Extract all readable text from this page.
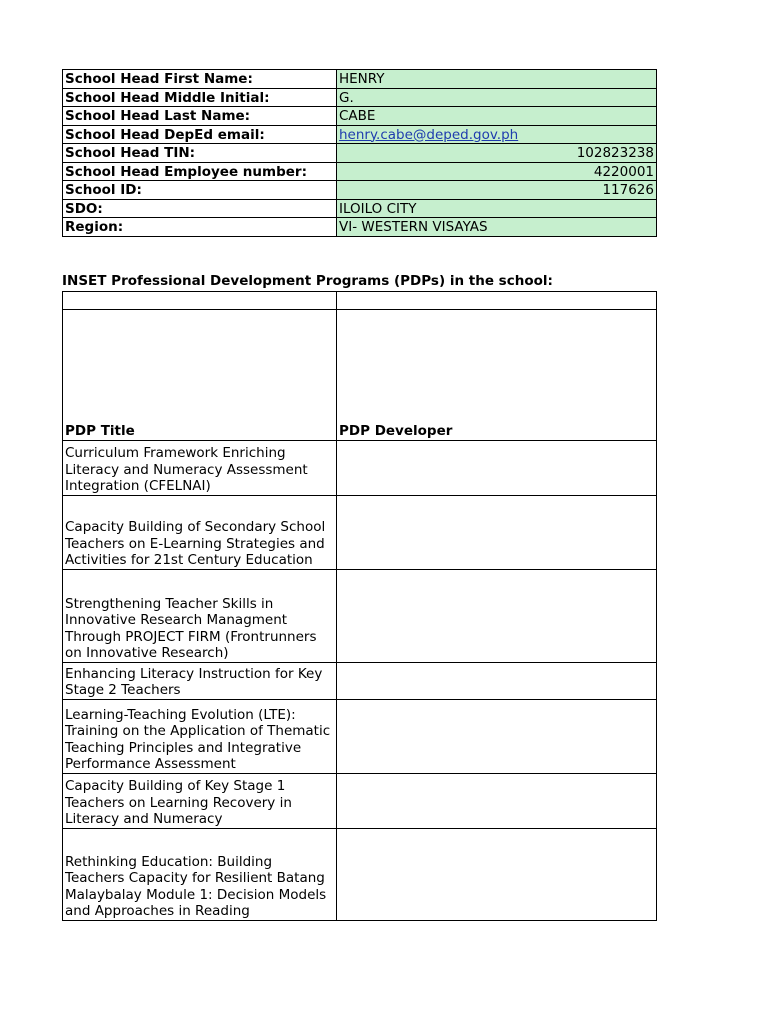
School Head First Name:	HENRY
School Head Middle Initial:	G.
School Head Last Name:	CABE
School Head DepEd email:	henry.cabe@deped.gov.ph
School Head TIN:	102823238
School Head Employee number:	4220001
School ID:	117626
SDO:	ILOILO CITY
Region:	VI- WESTERN VISAYAS
INSET Professional Development Programs (PDPs) in the school:

PDP Title	PDP Developer
Curriculum Framework Enriching Literacy and Numeracy Assessment Integration (CFELNAI)	
Capacity Building of Secondary School Teachers on E-Learning Strategies and Activities for 21st Century Education	
Strengthening Teacher Skills in Innovative Research Managment Through PROJECT FIRM (Frontrunners on Innovative Research)	
Enhancing Literacy Instruction for Key Stage 2 Teachers	
Learning-Teaching Evolution (LTE): Training on the Application of Thematic Teaching Principles and Integrative Performance Assessment	
Capacity Building of Key Stage 1 Teachers on Learning Recovery in Literacy and Numeracy	
Rethinking Education: Building Teachers Capacity for Resilient Batang Malaybalay Module 1: Decision Models and Approaches in Reading	
